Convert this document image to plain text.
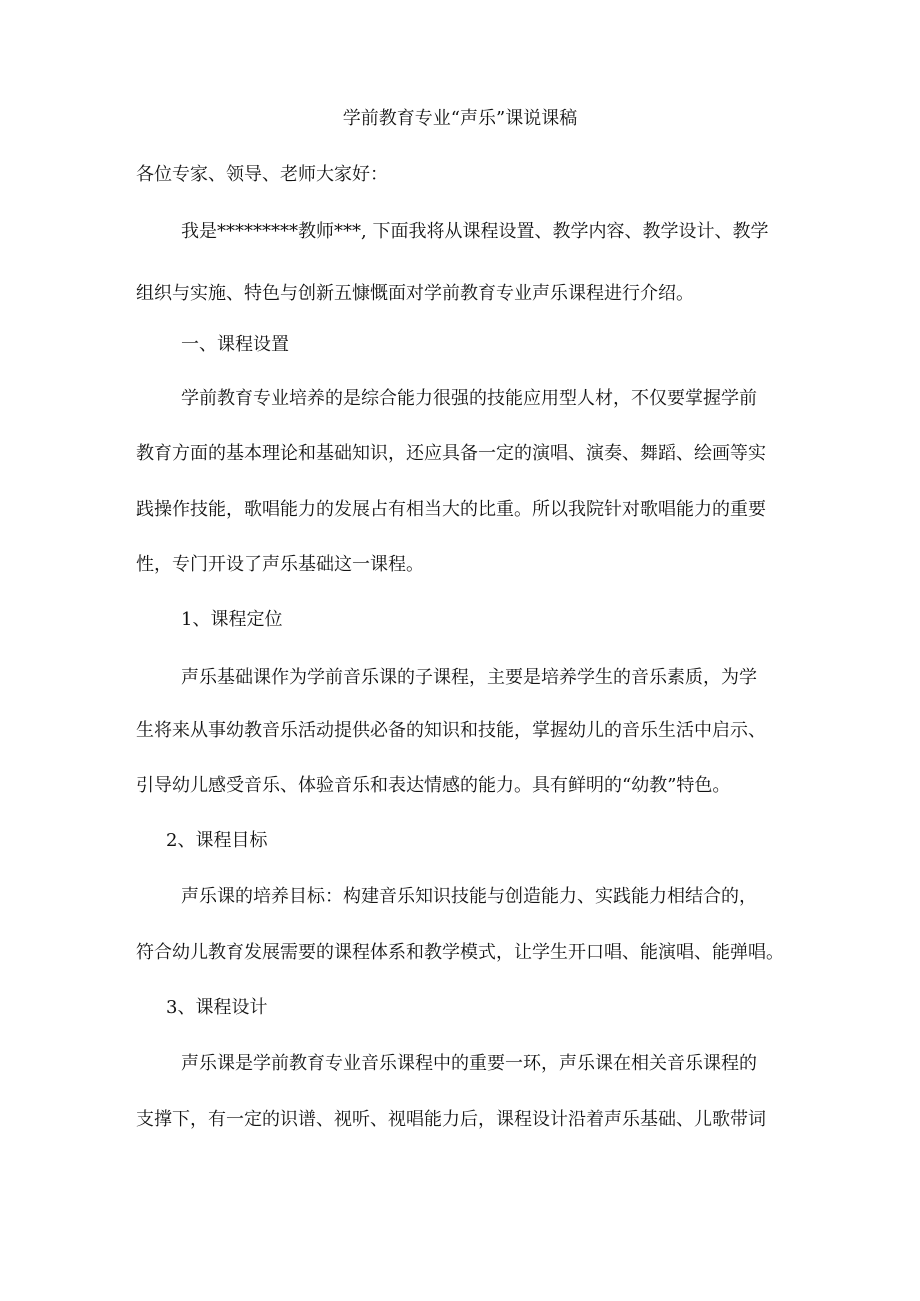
学前教育专业“声乐”课说课稿
各位专家、领导、老师大家好：
我是*********教师***, 下面我将从课程设置、教学内容、教学设计、教学
组织与实施、特色与创新五慷慨面对学前教育专业声乐课程进行介绍。
一、课程设置
学前教育专业培养的是综合能力很强的技能应用型人材，不仅要掌握学前
教育方面的基本理论和基础知识，还应具备一定的演唱、演奏、舞蹈、绘画等实
践操作技能，歌唱能力的发展占有相当大的比重。所以我院针对歌唱能力的重要
性，专门开设了声乐基础这一课程。
1、课程定位
声乐基础课作为学前音乐课的子课程，主要是培养学生的音乐素质，为学
生将来从事幼教音乐活动提供必备的知识和技能，掌握幼儿的音乐生活中启示、
引导幼儿感受音乐、体验音乐和表达情感的能力。具有鲜明的“幼教”特色。
2、课程目标
声乐课的培养目标：构建音乐知识技能与创造能力、实践能力相结合的，
符合幼儿教育发展需要的课程体系和教学模式，让学生开口唱、能演唱、能弹唱。
3、课程设计
声乐课是学前教育专业音乐课程中的重要一环，声乐课在相关音乐课程的
支撑下，有一定的识谱、视听、视唱能力后，课程设计沿着声乐基础、儿歌带词
